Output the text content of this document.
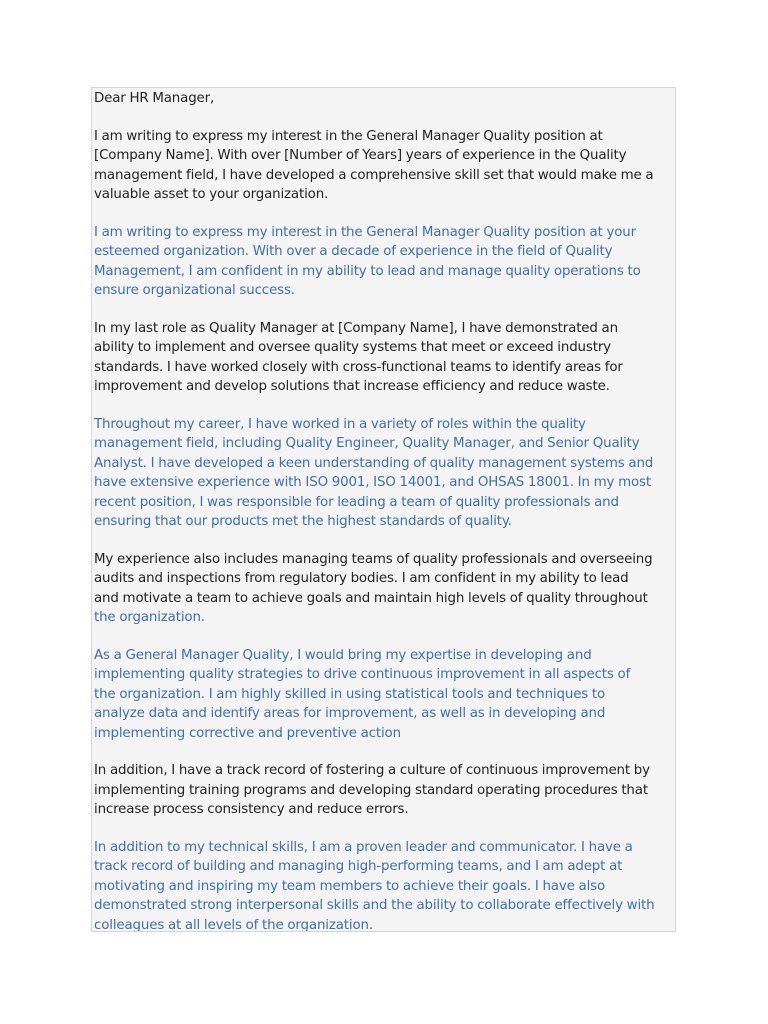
Dear HR Manager,
I am writing to express my interest in the General Manager Quality position at
[Company Name]. With over [Number of Years] years of experience in the Quality
management field, I have developed a comprehensive skill set that would make me a
valuable asset to your organization.
I am writing to express my interest in the General Manager Quality position at your
esteemed organization. With over a decade of experience in the field of Quality
Management, I am confident in my ability to lead and manage quality operations to
ensure organizational success.
In my last role as Quality Manager at [Company Name], I have demonstrated an
ability to implement and oversee quality systems that meet or exceed industry
standards. I have worked closely with cross-functional teams to identify areas for
improvement and develop solutions that increase efficiency and reduce waste.
Throughout my career, I have worked in a variety of roles within the quality
management field, including Quality Engineer, Quality Manager, and Senior Quality
Analyst. I have developed a keen understanding of quality management systems and
have extensive experience with ISO 9001, ISO 14001, and OHSAS 18001. In my most
recent position, I was responsible for leading a team of quality professionals and
ensuring that our products met the highest standards of quality.
My experience also includes managing teams of quality professionals and overseeing
audits and inspections from regulatory bodies. I am confident in my ability to lead
and motivate a team to achieve goals and maintain high levels of quality throughout
the organization.
As a General Manager Quality, I would bring my expertise in developing and
implementing quality strategies to drive continuous improvement in all aspects of
the organization. I am highly skilled in using statistical tools and techniques to
analyze data and identify areas for improvement, as well as in developing and
implementing corrective and preventive action
In addition, I have a track record of fostering a culture of continuous improvement by
implementing training programs and developing standard operating procedures that
increase process consistency and reduce errors.
In addition to my technical skills, I am a proven leader and communicator. I have a
track record of building and managing high-performing teams, and I am adept at
motivating and inspiring my team members to achieve their goals. I have also
demonstrated strong interpersonal skills and the ability to collaborate effectively with
colleagues at all levels of the organization.
